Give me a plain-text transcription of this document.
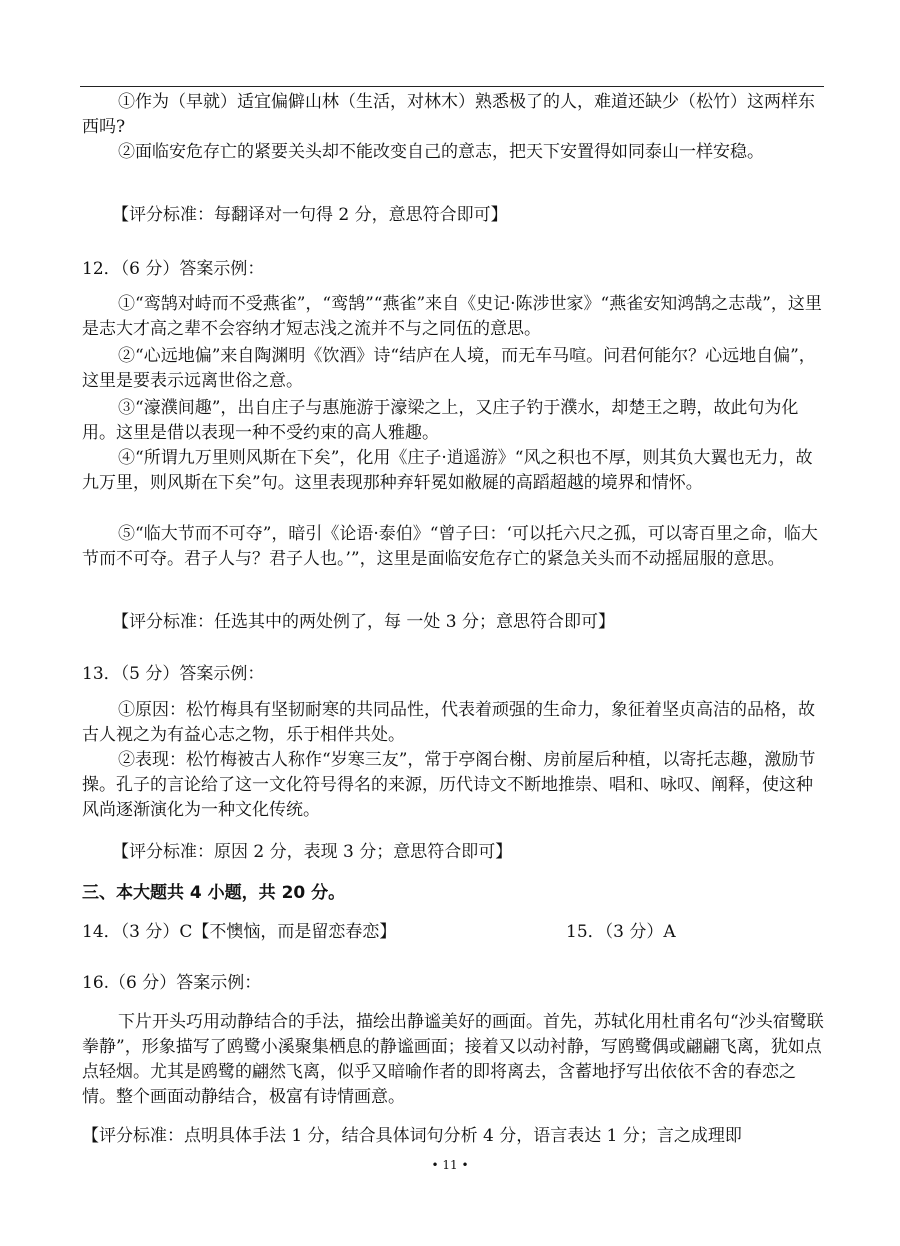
①作为（早就）适宜偏僻山林（生活，对林木）熟悉极了的人，难道还缺少（松竹）这两样东西吗?

②面临安危存亡的紧要关头却不能改变自己的意志，把天下安置得如同泰山一样安稳。

【评分标准：每翻译对一句得 2 分，意思符合即可】
12．（6 分）答案示例：

①“鸾鹄对峙而不受燕雀”，“鸾鹄”“燕雀”来自《史记·陈涉世家》“燕雀安知鸿鹄之志哉”，这里是志大才高之辈不会容纳才短志浅之流并不与之同伍的意思。

②“心远地偏”来自陶渊明《饮酒》诗“结庐在人境，而无车马喧。问君何能尔？心远地自偏”，这里是要表示远离世俗之意。

③“濠濮间趣”，出自庄子与惠施游于濠梁之上，又庄子钓于濮水，却楚王之聘，故此句为化用。这里是借以表现一种不受约束的高人雅趣。

④“所谓九万里则风斯在下矣”，化用《庄子·逍遥游》“风之积也不厚，则其负大翼也无力，故九万里，则风斯在下矣”句。这里表现那种弃轩冕如敝屣的高蹈超越的境界和情怀。

⑤“临大节而不可夺”，暗引《论语·泰伯》“曾子曰：‘可以托六尺之孤，可以寄百里之命，临大节而不可夺。君子人与？君子人也。’”，这里是面临安危存亡的紧急关头而不动摇屈服的意思。

【评分标准：任选其中的两处例了，每 一处 3 分；意思符合即可】
13．（5 分）答案示例：

①原因：松竹梅具有坚韧耐寒的共同品性，代表着顽强的生命力，象征着坚贞高洁的品格，故古人视之为有益心志之物，乐于相伴共处。

②表现：松竹梅被古人称作“岁寒三友”，常于亭阁台榭、房前屋后种植，以寄托志趣，激励节操。孔子的言论给了这一文化符号得名的来源，历代诗文不断地推崇、唱和、咏叹、阐释，使这种风尚逐渐演化为一种文化传统。

【评分标准：原因 2 分，表现 3 分；意思符合即可】
三、本大题共 4 小题，共 20 分。
14．（3 分）C【不懊恼，而是留恋春恋】	15．（3 分）A
16.（6 分）答案示例：

下片开头巧用动静结合的手法，描绘出静谧美好的画面。首先，苏轼化用杜甫名句“沙头宿鹭联拳静”，形象描写了鸥鹭小溪聚集栖息的静谧画面；接着又以动衬静，写鸥鹭偶或翩翩飞离，犹如点点轻烟。尤其是鸥鹭的翩然飞离，似乎又暗喻作者的即将离去，含蓄地抒写出依依不舍的春恋之情。整个画面动静结合，极富有诗情画意。

【评分标准：点明具体手法 1 分，结合具体词句分析 4 分，语言表达 1 分；言之成理即
• 11 •
